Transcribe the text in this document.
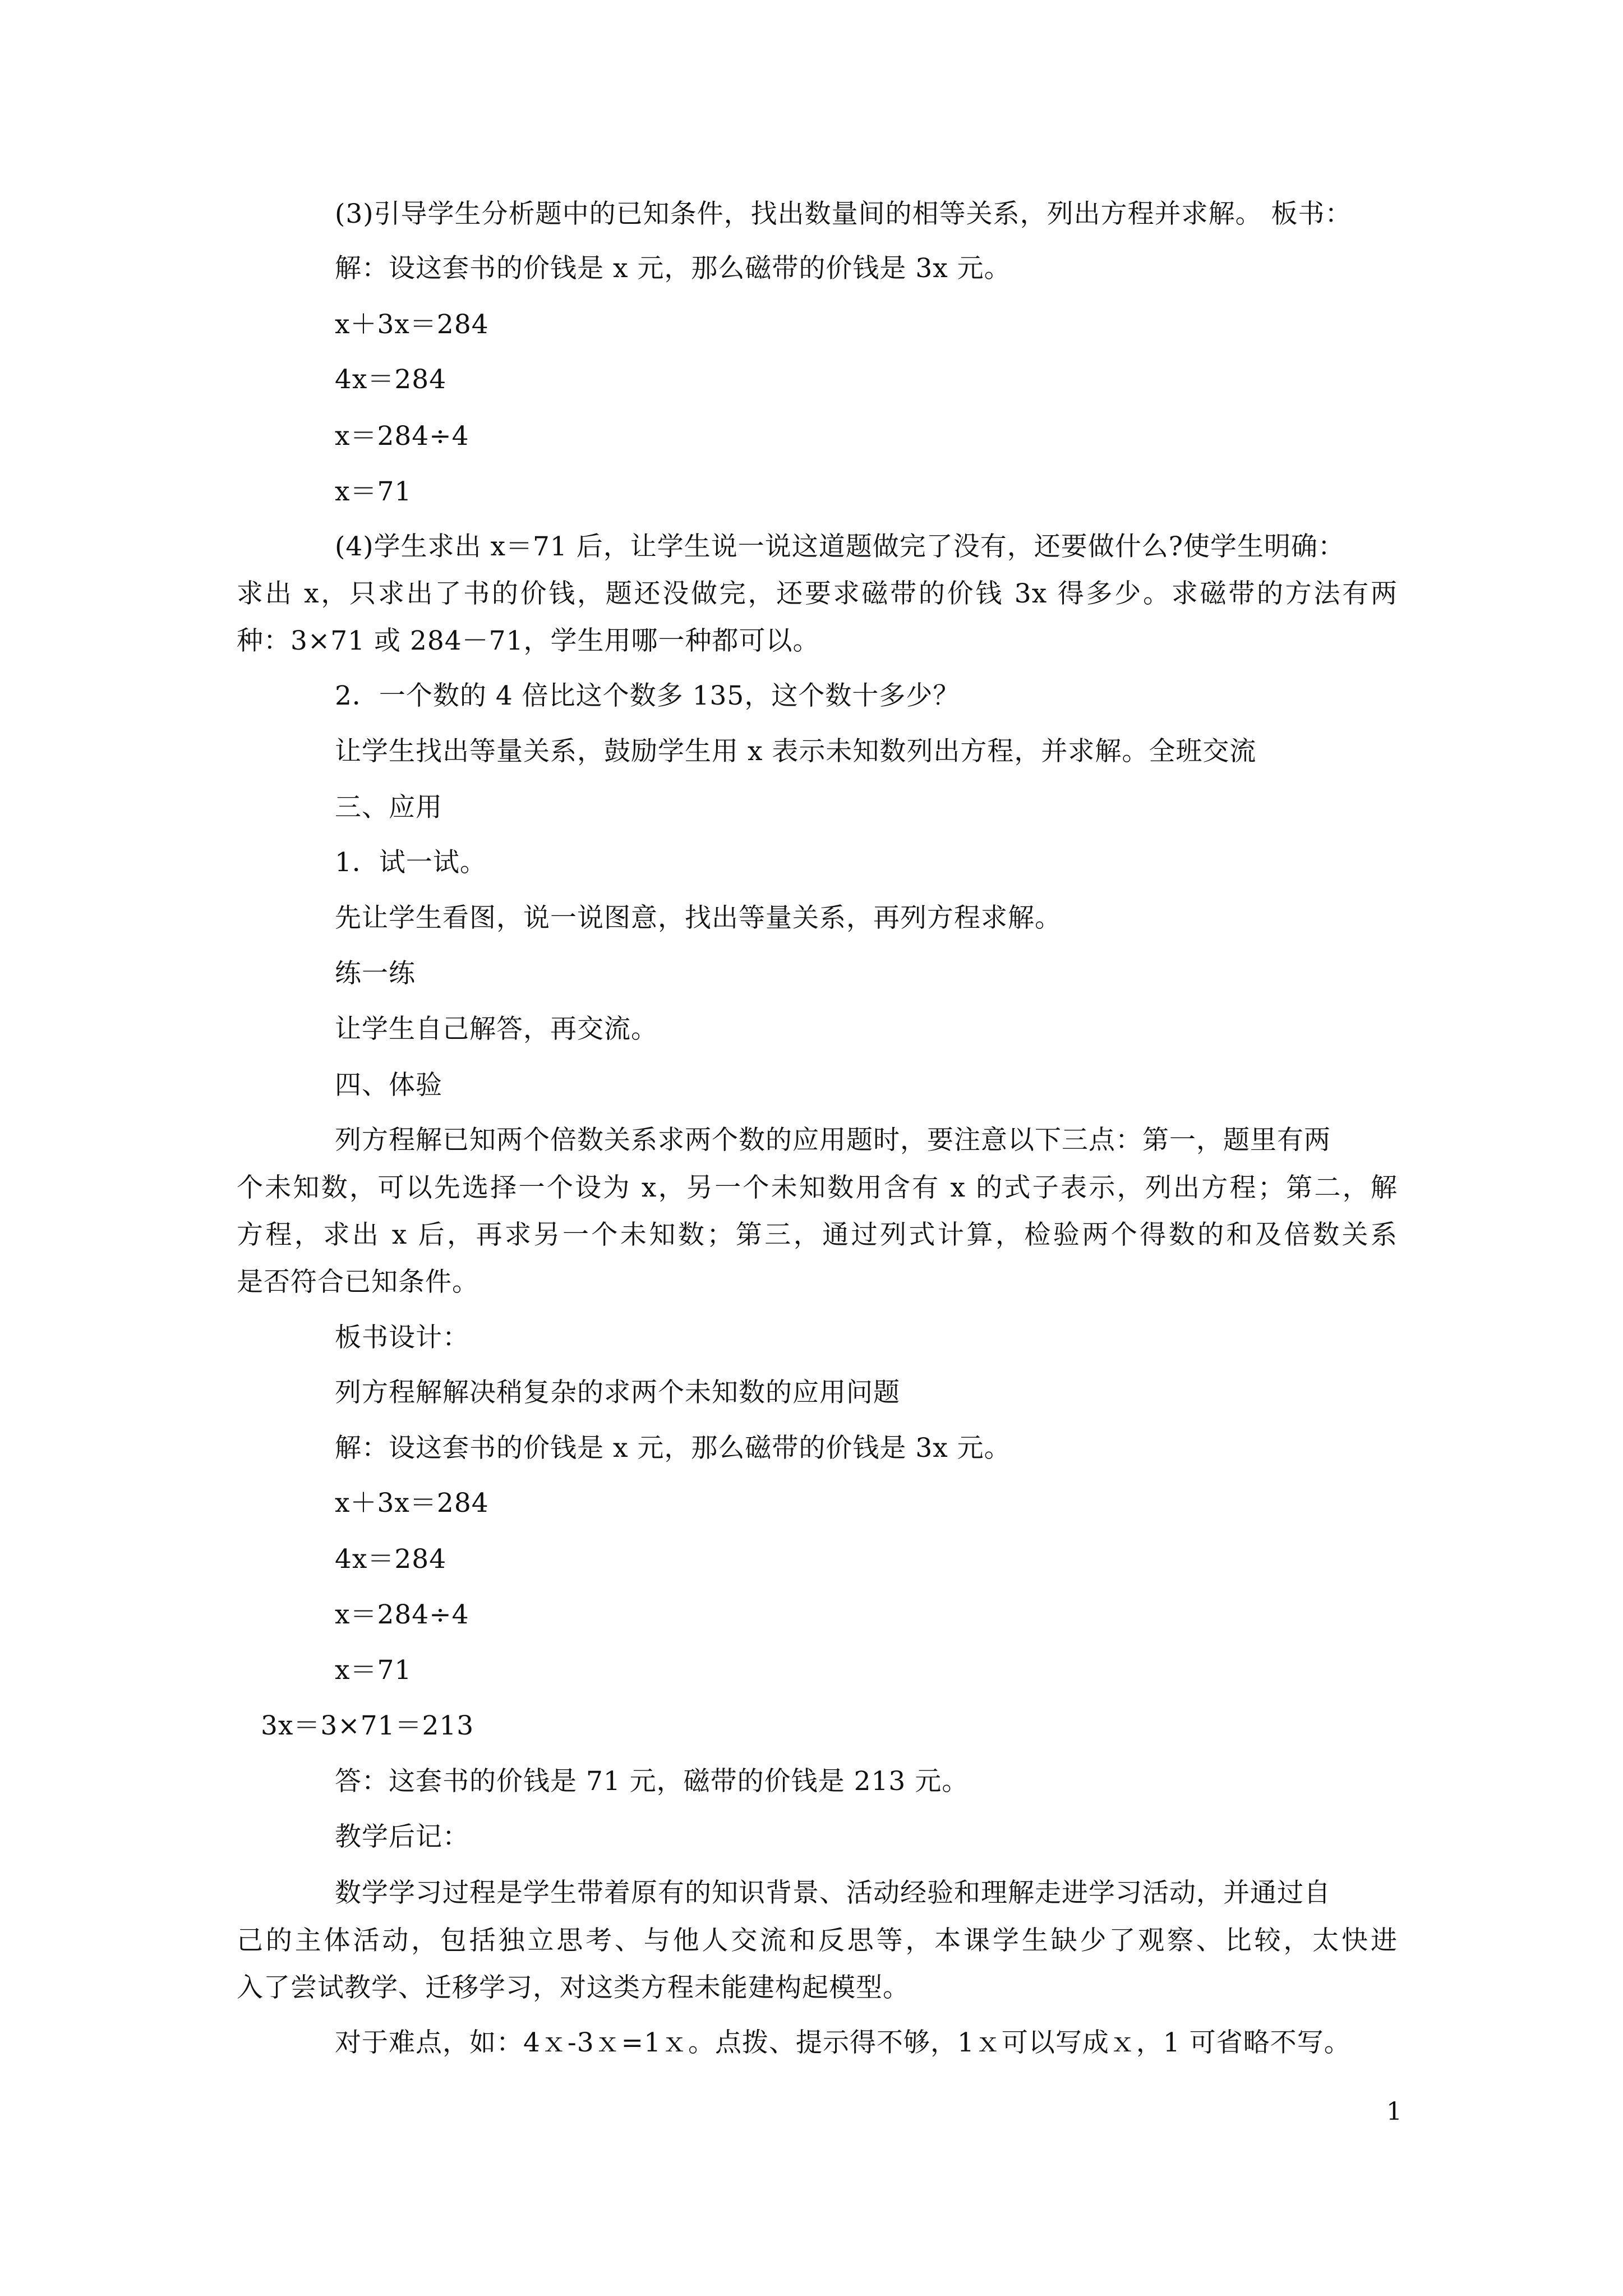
(3)引导学生分析题中的已知条件，找出数量间的相等关系，列出方程并求解。 板书：
解：设这套书的价钱是 x 元，那么磁带的价钱是 3x 元。
x＋3x＝284
4x＝284
x＝284÷4
x＝71
(4)学生求出 x＝71 后，让学生说一说这道题做完了没有，还要做什么?使学生明确：
求出 x，只求出了书的价钱，题还没做完，还要求磁带的价钱 3x 得多少。求磁带的方法有两
种：3×71 或 284－71，学生用哪一种都可以。
2．一个数的 4 倍比这个数多 135，这个数十多少？
让学生找出等量关系，鼓励学生用 x 表示未知数列出方程，并求解。全班交流
三、应用
1．试一试。
先让学生看图，说一说图意，找出等量关系，再列方程求解。
练一练
让学生自己解答，再交流。
四、体验
列方程解已知两个倍数关系求两个数的应用题时，要注意以下三点：第一，题里有两
个未知数，可以先选择一个设为 x，另一个未知数用含有 x 的式子表示，列出方程；第二，解
方程，求出 x 后，再求另一个未知数；第三，通过列式计算，检验两个得数的和及倍数关系
是否符合已知条件。
板书设计：
列方程解解决稍复杂的求两个未知数的应用问题
解：设这套书的价钱是 x 元，那么磁带的价钱是 3x 元。
x＋3x＝284
4x＝284
x＝284÷4
x＝71
3x＝3×71＝213
答：这套书的价钱是 71 元，磁带的价钱是 213 元。
教学后记：
数学学习过程是学生带着原有的知识背景、活动经验和理解走进学习活动，并通过自
己的主体活动，包括独立思考、与他人交流和反思等，本课学生缺少了观察、比较，太快进
入了尝试教学、迁移学习，对这类方程未能建构起模型。
对于难点，如：4ｘ-3ｘ=1ｘ。点拨、提示得不够，1ｘ可以写成ｘ，1 可省略不写。
1
